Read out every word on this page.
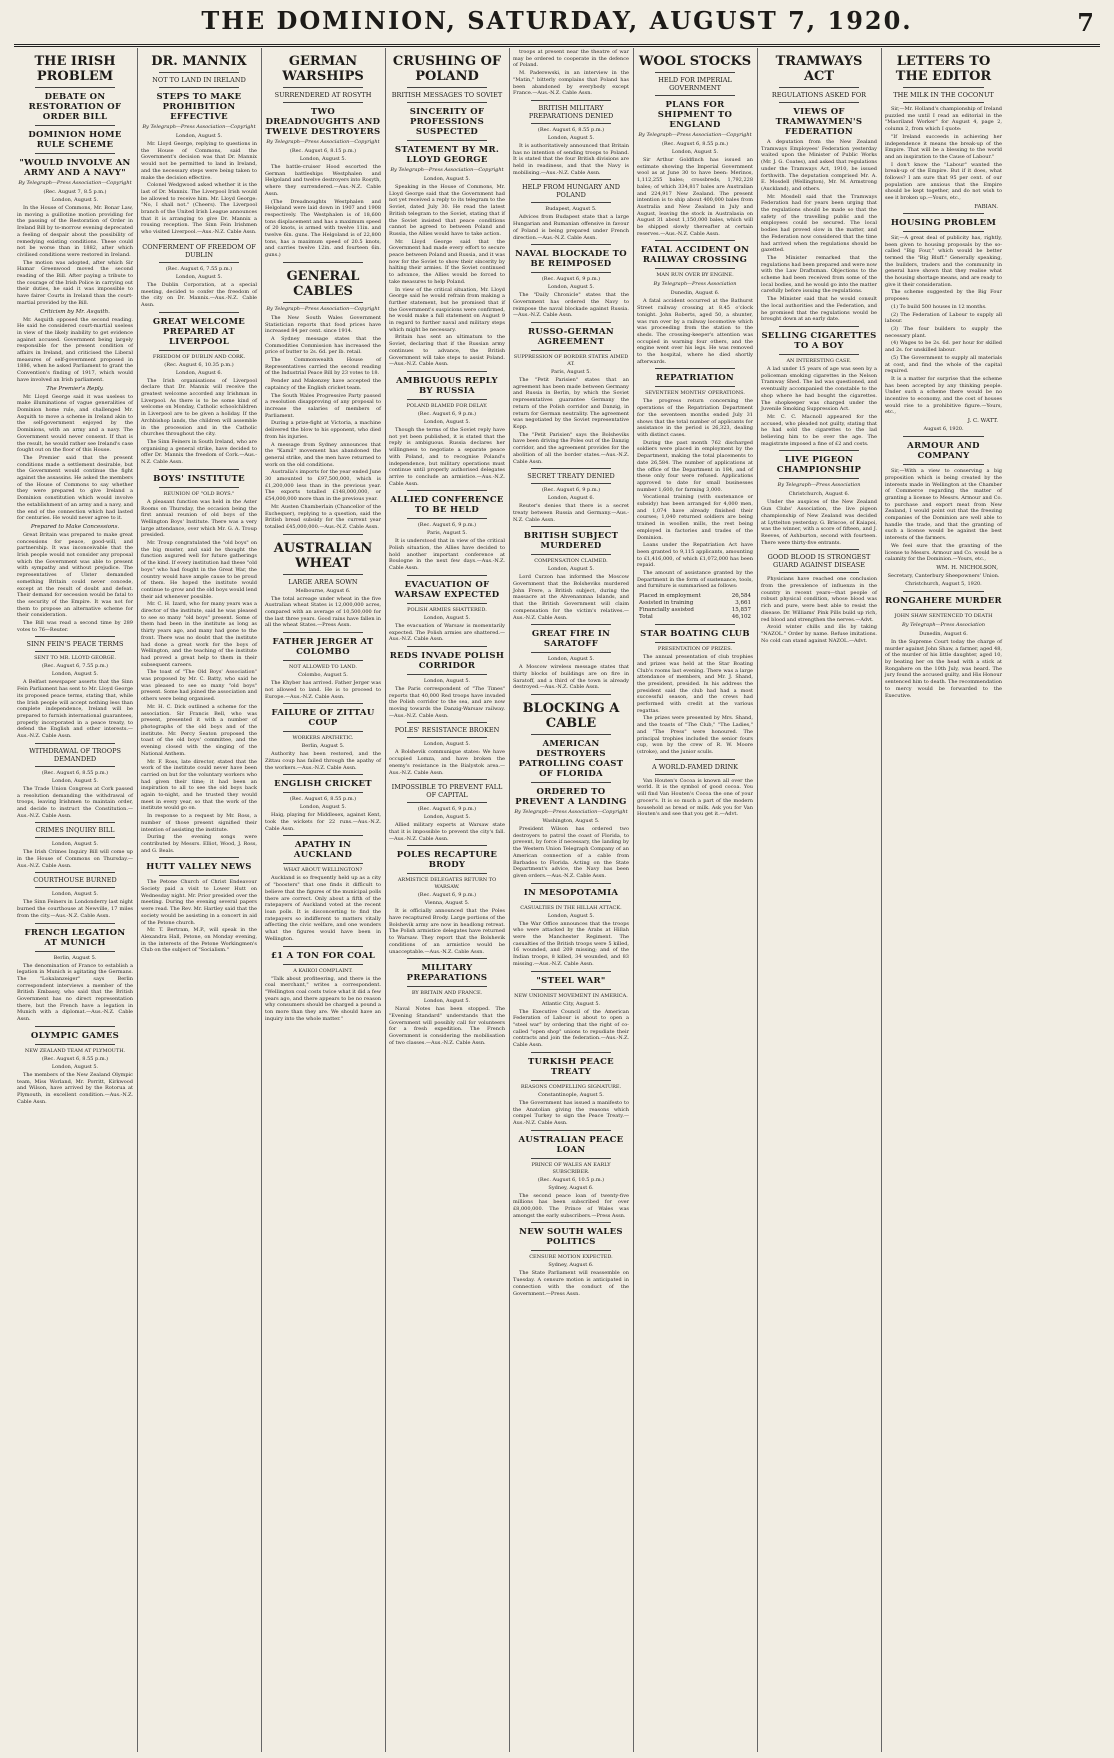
THE DOMINION, SATURDAY, AUGUST 7, 1920.	7
THE IRISH PROBLEM
DEBATE ON RESTORATION OF ORDER BILL
DOMINION HOME RULE SCHEME
"WOULD INVOLVE AN ARMY AND A NAVY"
By Telegraph—Press Association—Copyright
(Rec. August 7, 8.5 p.m.)
London, August 5.
In the House of Commons, Mr. Bonar Law, in moving a guillotine motion providing for the passing of the Restoration of Order in Ireland Bill by to-morrow evening deprecated a feeling of despair about the possibility of remedying existing conditions. These could not be worse than in 1882, after which civilised conditions were restored in Ireland.
The motion was adopted, after which Sir Hamar Greenwood moved the second reading of the Bill. After paying a tribute to the courage of the Irish Police in carrying out their duties, he said it was impossible to have fairer Courts in Ireland than the court-martial provided by the Bill.
Criticism by Mr. Asquith.
Mr. Asquith opposed the second reading. He said he considered court-martial useless in view of the likely inability to get evidence against accused. Government being largely responsible for the present condition of affairs in Ireland, and criticised the Liberal measures of self-government proposed in 1886, when he asked Parliament to grant the Convention's finding of 1917, which would have involved an Irish parliament.
The Premier's Reply.
Mr. Lloyd George said it was useless to make illuminations of vague generalities of Dominion home rule, and challenged Mr. Asquith to move a scheme in Ireland akin to the self-government enjoyed by the Dominions, with an army and a navy. The Government would never consent. If that is the result, he would rather see Ireland's case fought out on the floor of this House.
The Premier said that the present conditions made a settlement desirable, but the Government would continue the fight against the assassins. He asked the members of the House of Commons to say whether they were prepared to give Ireland a Dominion constitution which would involve the establishment of an army and a navy, and the end of the connection which had lasted for centuries. He would never agree to it.
Prepared to Make Concessions.
Great Britain was prepared to make great concessions for peace, good-will, and partnership. It was inconceivable that the Irish people would not consider any proposal which the Government was able to present with sympathy and without prejudice. The representatives of Ulster demanded something Britain could never concede, except at the result of doubt and defeat. Their demand for secession would be fatal to the security of the Empire. It was not for them to propose an alternative scheme for their consideration.
The Bill was read a second time by 289 votes to 76—Reuter.
SINN FEIN'S PEACE TERMS
SENT TO MR. LLOYD GEORGE.
(Rec. August 6, 7.55 p.m.)
London, August 5.
A Belfast newspaper asserts that the Sinn Fein Parliament has sent to Mr. Lloyd George its proposed peace terms, stating that, while the Irish people will accept nothing less than complete independence, Ireland will be prepared to furnish international guarantees, properly incorporated in a peace treaty, to defend the English and other interests.—Aus.-N.Z. Cable Assn.
WITHDRAWAL OF TROOPS DEMANDED
(Rec. August 6, 8.55 p.m.)
London, August 5.
The Trade Union Congress at Cork passed a resolution demanding the withdrawal of troops, leaving Irishmen to maintain order, and decide to instruct the Constitution.—Aus.-N.Z. Cable Assn.
CRIMES INQUIRY BILL
London, August 5.
The Irish Crimes Inquiry Bill will come up in the House of Commons on Thursday.—Aus.-N.Z. Cable Assn.
COURTHOUSE BURNED
London, August 5.
The Sinn Feiners in Londonderry last night burned the courthouse at Newville, 17 miles from the city.—Aus.-N.Z. Cable Assn.
FRENCH LEGATION AT MUNICH
Berlin, August 5.
The denomination of France to establish a legation in Munich is agitating the Germans. The "Lokalanzeiger" says Berlin correspondent interviews a member of the British Embassy, who said that the British Government has no direct representation there, but the French have a legation in Munich with a diplomat.—Aus.-N.Z. Cable Assn.
OLYMPIC GAMES
NEW ZEALAND TEAM AT PLYMOUTH.
(Rec. August 6, 8.55 p.m.)
London, August 5.
The members of the New Zealand Olympic team, Miss Worland, Mr. Porritt, Kirkwood and Wilson, have arrived by the Rotorua at Plymouth, in excellent condition.—Aus.-N.Z. Cable Assn.
DR. MANNIX
NOT TO LAND IN IRELAND
STEPS TO MAKE PROHIBITION EFFECTIVE
By Telegraph—Press Association—Copyright
London, August 5.
Mr. Lloyd George, replying to questions in the House of Commons, said the Government's decision was that Dr. Mannix would not be permitted to land in Ireland, and the necessary steps were being taken to make the decision effective.
Colonel Wedgwood asked whether it is the last of Dr. Mannix. The Liverpool Irish would be allowed to receive him. Mr. Lloyd George: "No, I shall not." (Cheers). The Liverpool branch of the United Irish League announces that it is arranging to give Dr. Mannix a rousing reception. The Sinn Fein Irishmen who visited Liverpool.—Aus.-N.Z. Cable Assn.
CONFERMENT OF FREEDOM OF DUBLIN
(Rec. August 6, 7.55 p.m.)
London, August 5.
The Dublin Corporation, at a special meeting, decided to confer the freedom of the city on Dr. Mannix.—Aus.-N.Z. Cable Assn.
GREAT WELCOME PREPARED AT LIVERPOOL
FREEDOM OF DUBLIN AND CORK.
(Rec. August 6, 10.35 p.m.)
London, August 6.
The Irish organisations of Liverpool declare that Dr. Mannix will receive the greatest welcome accorded any Irishman in Liverpool. As there is to be some kind of welcome on Monday, Catholic schoolchildren in Liverpool are to be given a holiday. If the Archbishop lands, the children will assemble in the procession and in the Catholic churches throughout the city.
The Sinn Feiners in South Ireland, who are organising a general strike, have decided to offer Dr. Mannix the freedom of Cork.—Aus.-N.Z. Cable Assn.
BOYS' INSTITUTE
REUNION OF "OLD BOYS."
A pleasant function was held in the Aster Rooms on Thursday, the occasion being the first annual reunion of old boys of the Wellington Boys' Institute. There was a very large attendance, over which Mr. G. A. Troup presided.
Mr. Troup congratulated the "old boys" on the big muster, and said he thought the function augured well for future gatherings of the kind. If every institution had these "old boys" who had fought in the Great War, the country would have ample cause to be proud of them. He hoped the institute would continue to grow and the old boys would lend their aid whenever possible.
Mr. C. H. Izard, who for many years was a director of the institute, said he was pleased to see so many "old boys" present. Some of them had been in the institute as long as thirty years ago, and many had gone to the front. There was no doubt that the institute had done a great work for the boys of Wellington, and the teaching of the institute had proved a great help to them in their subsequent careers.
The toast of "The Old Boys' Association" was proposed by Mr. C. Batty, who said he was pleased to see so many "old boys" present. Some had joined the association and others were being organised.
Mr. H. C. Dick outlined a scheme for the association. Sir Francis Bell, who was present, presented it with a number of photographs of the old boys and of the institute. Mr. Percy Seaton proposed the toast of the old boys' committee, and the evening closed with the singing of the National Anthem.
Mr. F. Ross, late director, stated that the work of the institute could never have been carried on but for the voluntary workers who had given their time; it had been an inspiration to all to see the old boys back again to-night, and he trusted they would meet in every year, so that the work of the institute would go on.
In response to a request by Mr. Ross, a number of those present signified their intention of assisting the institute.
During the evening songs were contributed by Messrs. Elliot, Wood, J. Ross, and G. Beals.
HUTT VALLEY NEWS
The Petone Church of Christ Endeavour Society paid a visit to Lower Hutt on Wednesday night. Mr. Prior presided over the meeting. During the evening several papers were read. The Rev. Mr. Hartley said that the society would be assisting in a concert in aid of the Petone church.
Mr. T. Bertram, M.P., will speak in the Alexandra Hall, Petone, on Monday evening, in the interests of the Petone Workingmen's Club on the subject of "Socialism."
GERMAN WARSHIPS
SURRENDERED AT ROSYTH
TWO DREADNOUGHTS AND TWELVE DESTROYERS
By Telegraph—Press Association—Copyright
(Rec. August 6, 8.15 p.m.)
London, August 5.
The battle-cruiser Hood escorted the German battleships Westphalen and Helgoland and twelve destroyers into Rosyth, where they surrendered.—Aus.-N.Z. Cable Assn.
(The Dreadnoughts Westphalen and Helgoland were laid down in 1907 and 1908 respectively. The Westphalen is of 18,600 tons displacement and has a maximum speed of 20 knots, is armed with twelve 11in. and twelve 6in. guns. The Helgoland is of 22,800 tons, has a maximum speed of 20.5 knots, and carries twelve 12in. and fourteen 6in. guns.)
GENERAL CABLES
By Telegraph—Press Association—Copyright
The New South Wales Government Statistician reports that food prices have increased 84 per cent. since 1914.
A Sydney message states that the Commodities Commission has increased the price of butter to 2s. 6d. per lb. retail.
The Commonwealth House of Representatives carried the second reading of the Industrial Peace Bill by 23 votes to 18.
Pender and Makenzey have accepted the captaincy of the English cricket team.
The South Wales Progressive Party passed a resolution disapproving of any proposal to increase the salaries of members of Parliament.
During a prize-fight at Victoria, a machine delivered the blow to his opponent, who died from his injuries.
A message from Sydney announces that the "Kamil" movement has abandoned the general strike, and the men have returned to work on the old conditions.
Australia's imports for the year ended June 30 amounted to £97,500,000, which is £1,200,000 less than in the previous year. The exports totalled £148,000,000, or £54,000,000 more than in the previous year.
Mr. Austen Chamberlain (Chancellor of the Exchequer), replying to a question, said the British bread subsidy for the current year totalled £45,000,000.—Aus.-N.Z. Cable Assn.
AUSTRALIAN WHEAT
LARGE AREA SOWN
Melbourne, August 6.
The total acreage under wheat in the five Australian wheat States is 12,000,000 acres, compared with an average of 10,500,000 for the last three years. Good rains have fallen in all the wheat States.—Press Assn.
FATHER JERGER AT COLOMBO
NOT ALLOWED TO LAND.
Colombo, August 5.
The Khyber has arrived. Father Jerger was not allowed to land. He is to proceed to Europe.—Aus.-N.Z. Cable Assn.
FAILURE OF ZITTAU COUP
WORKERS APATHETIC.
Berlin, August 5.
Authority has been restored, and the Zittau coup has failed through the apathy of the workers.—Aus.-N.Z. Cable Assn.
ENGLISH CRICKET
(Rec. August 6, 8.55 p.m.)
London, August 5.
Haig, playing for Middlesex, against Kent, took the wickets for 22 runs.—Aus.-N.Z. Cable Assn.
APATHY IN AUCKLAND
WHAT ABOUT WELLINGTON?
Auckland is so frequently held up as a city of "boosters" that one finds it difficult to believe that the figures of the municipal polls there are correct. Only about a fifth of the ratepayers of Auckland voted at the recent loan polls. It is disconcerting to find the ratepayers so indifferent to matters vitally affecting the civic welfare, and one wonders what the figures would have been in Wellington.
£1 A TON FOR COAL
A KAIKOI COMPLAINT.
"Talk about profiteering, and there is the coal merchant," writes a correspondent. "Wellington coal costs twice what it did a few years ago, and there appears to be no reason why consumers should be charged a pound a ton more than they are. We should have an inquiry into the whole matter."
CRUSHING OF POLAND
BRITISH MESSAGES TO SOVIET
SINCERITY OF PROFESSIONS SUSPECTED
STATEMENT BY MR. LLOYD GEORGE
By Telegraph—Press Association—Copyright
London, August 5.
Speaking in the House of Commons, Mr. Lloyd George said that the Government had not yet received a reply to its telegram to the Soviet, dated July 30. He read the latest British telegram to the Soviet, stating that if the Soviet insisted that peace conditions cannot be agreed to between Poland and Russia, the Allies would have to take action.
Mr. Lloyd George said that the Government had made every effort to secure peace between Poland and Russia, and it was now for the Soviet to show their sincerity by halting their armies. If the Soviet continued to advance, the Allies would be forced to take measures to help Poland.
In view of the critical situation, Mr. Lloyd George said he would refrain from making a further statement, but he promised that if the Government's suspicions were confirmed, he would make a full statement on August 9 in regard to further naval and military steps which might be necessary.
Britain has sent an ultimatum to the Soviet, declaring that if the Russian army continues to advance, the British Government will take steps to assist Poland.—Aus.-N.Z. Cable Assn.
AMBIGUOUS REPLY BY RUSSIA
POLAND BLAMED FOR DELAY.
(Rec. August 6, 9 p.m.)
London, August 5.
Though the terms of the Soviet reply have not yet been published, it is stated that the reply is ambiguous. Russia declares her willingness to negotiate a separate peace with Poland, and to recognise Poland's independence, but military operations must continue until properly authorised delegates arrive to conclude an armistice.—Aus.-N.Z. Cable Assn.
ALLIED CONFERENCE TO BE HELD
(Rec. August 6, 9 p.m.)
Paris, August 5.
It is understood that in view of the critical Polish situation, the Allies have decided to hold another important conference at Boulogne in the next few days.—Aus.-N.Z. Cable Assn.
EVACUATION OF WARSAW EXPECTED
POLISH ARMIES SHATTERED.
London, August 5.
The evacuation of Warsaw is momentarily expected. The Polish armies are shattered.—Aus.-N.Z. Cable Assn.
REDS INVADE POLISH CORRIDOR
London, August 5.
The Paris correspondent of "The Times" reports that 40,000 Red troops have invaded the Polish corridor to the sea, and are now moving towards the Danzig-Warsaw railway.—Aus.-N.Z. Cable Assn.
POLES' RESISTANCE BROKEN
London, August 5.
A Bolshevik communique states: We have occupied Lomza, and have broken the enemy's resistance in the Bialystok area.—Aus.-N.Z. Cable Assn.
IMPOSSIBLE TO PREVENT FALL OF CAPITAL
(Rec. August 6, 9 p.m.)
London, August 5.
Allied military experts at Warsaw state that it is impossible to prevent the city's fall.—Aus.-N.Z. Cable Assn.
POLES RECAPTURE BRODY
ARMISTICE DELEGATES RETURN TO WARSAW.
(Rec. August 6, 9 p.m.)
Vienna, August 5.
It is officially announced that the Poles have recaptured Brody. Large portions of the Bolshevik army are now in headlong retreat. The Polish armistice delegates have returned to Warsaw. They report that the Bolshevik conditions of an armistice would be unacceptable.—Aus.-N.Z. Cable Assn.
MILITARY PREPARATIONS
BY BRITAIN AND FRANCE.
London, August 5.
Naval Notes has been stopped. The "Evening Standard" understands that the Government will possibly call for volunteers for a fresh expedition. The French Government is considering the mobilisation of two classes.—Aus.-N.Z. Cable Assn.
troops at present near the theatre of war may be ordered to cooperate in the defence of Poland.
M. Paderewski, in an interview in the "Matin," bitterly complains that Poland has been abandoned by everybody except France.—Aus.-N.Z. Cable Assn.
BRITISH MILITARY PREPARATIONS DENIED
(Rec. August 6, 8.55 p.m.)
London, August 5.
It is authoritatively announced that Britain has no intention of sending troops to Poland. It is stated that the four British divisions are held in readiness, and that the Navy is mobilising.—Aus.-N.Z. Cable Assn.
HELP FROM HUNGARY AND POLAND
Budapest, August 5.
Advices from Budapest state that a large Hungarian and Rumanian offensive in favour of Poland is being prepared under French direction.—Aus.-N.Z. Cable Assn.
NAVAL BLOCKADE TO BE REIMPOSED
(Rec. August 6, 9 p.m.)
London, August 5.
The "Daily Chronicle" states that the Government has ordered the Navy to reimpose the naval blockade against Russia.—Aus.-N.Z. Cable Assn.
RUSSO-GERMAN AGREEMENT
SUPPRESSION OF BORDER STATES AIMED AT.
Paris, August 5.
The "Petit Parisien" states that an agreement has been made between Germany and Russia in Berlin, by which the Soviet representatives guarantee Germany the return of the Polish corridor and Danzig, in return for German neutrality. The agreement was negotiated by the Soviet representative Kopp.
The "Petit Parisien" says the Bolsheviks have been driving the Poles out of the Danzig corridor, and the agreement provides for the abolition of all the border states.—Aus.-N.Z. Cable Assn.
SECRET TREATY DENIED
(Rec. August 6, 9 p.m.)
London, August 6.
Reuter's denies that there is a secret treaty between Russia and Germany.—Aus.-N.Z. Cable Assn.
BRITISH SUBJECT MURDERED
COMPENSATION CLAIMED.
London, August 5.
Lord Curzon has informed the Moscow Government that the Bolsheviks murdered John Frere, a British subject, during the massacre at the Ahvenanmaa Islands, and that the British Government will claim compensation for the victim's relatives.—Aus.-N.Z. Cable Assn.
GREAT FIRE IN SARATOFF
London, August 5.
A Moscow wireless message states that thirty blocks of buildings are on fire in Saratoff, and a third of the town is already destroyed.—Aus.-N.Z. Cable Assn.
BLOCKING A CABLE
AMERICAN DESTROYERS PATROLLING COAST OF FLORIDA
ORDERED TO PREVENT A LANDING
By Telegraph—Press Association—Copyright
Washington, August 5.
President Wilson has ordered two destroyers to patrol the coast of Florida, to prevent, by force if necessary, the landing by the Western Union Telegraph Company of an American connection of a cable from Barbados to Florida. Acting on the State Department's advice, the Navy has been given orders.—Aus.-N.Z. Cable Assn.
IN MESOPOTAMIA
CASUALTIES IN THE HILLAH ATTACK.
London, August 5.
The War Office announces that the troops who were attacked by the Arabs at Hillah were the Manchester Regiment. The casualties of the British troops were 5 killed, 16 wounded, and 209 missing; and of the Indian troops, 8 killed, 34 wounded, and 83 missing.—Aus.-N.Z. Cable Assn.
"STEEL WAR"
NEW UNIONIST MOVEMENT IN AMERICA.
Atlantic City, August 5.
The Executive Council of the American Federation of Labour is about to open a "steel war" by ordering that the right of co-called "open shop" unions to repudiate their contracts and join the federation.—Aus.-N.Z. Cable Assn.
TURKISH PEACE TREATY
REASONS COMPELLING SIGNATURE.
Constantinople, August 5.
The Government has issued a manifesto to the Anatolian giving the reasons which compel Turkey to sign the Peace Treaty.—Aus.-N.Z. Cable Assn.
AUSTRALIAN PEACE LOAN
PRINCE OF WALES AN EARLY SUBSCRIBER.
(Rec. August 6, 10.5 p.m.)
Sydney, August 6.
The second peace loan of twenty-five millions has been subscribed for over £8,000,000. The Prince of Wales was amongst the early subscribers.—Press Assn.
NEW SOUTH WALES POLITICS
CENSURE MOTION EXPECTED.
Sydney, August 6.
The State Parliament will reassemble on Tuesday. A censure motion is anticipated in connection with the conduct of the Government.—Press Assn.
WOOL STOCKS
HELD FOR IMPERIAL GOVERNMENT
PLANS FOR SHIPMENT TO ENGLAND
By Telegraph—Press Association—Copyright
(Rec. August 6, 8.55 p.m.)
London, August 5.
Sir Arthur Goldfinch has issued an estimate showing the Imperial Government wool as at June 30 to have been: Merinos, 1,112,255 bales; crossbreds, 1,792,228 bales; of which 334,817 bales are Australian and 224,917 New Zealand. The present intention is to ship about 400,000 bales from Australia and New Zealand in July and August, leaving the stock in Australasia on August 31 about 1,150,000 bales, which will be shipped slowly thereafter at certain reserves.—Aus.-N.Z. Cable Assn.
FATAL ACCIDENT ON RAILWAY CROSSING
MAN RUN OVER BY ENGINE.
By Telegraph—Press Association
Dunedin, August 6.
A fatal accident occurred at the Bathurst Street railway crossing at 8.45 o'clock tonight. John Roberts, aged 50, a shunter, was run over by a railway locomotive which was proceeding from the station to the sheds. The crossing-keeper's attention was occupied in warning four others, and the engine went over his legs. He was removed to the hospital, where he died shortly afterwards.
REPATRIATION
SEVENTEEN MONTHS' OPERATIONS.
The progress return concerning the operations of the Repatriation Department for the seventeen months ended July 31 shows that the total number of applicants for assistance in the period is 26,323, dealing with distinct cases.
During the past month 762 discharged soldiers were placed in employment by the Department, making the total placements to date 26,584. The number of applications at the office of the Department in 184, and of these only four were refused. Applications approved to date for small businesses number 1,600, for farming 3,000.
Vocational training (with sustenance or subsidy) has been arranged for 4,000 men, and 1,074 have already finished their courses; 1,040 returned soldiers are being trained in woollen mills, the rest being employed in factories and trades of the Dominion.
Loans under the Repatriation Act have been granted to 9,115 applicants, amounting to £1,416,000, of which £1,072,000 has been repaid.
The amount of assistance granted by the Department in the form of sustenance, tools, and furniture is summarised as follows:
Placed in employment	26,584
Assisted in training	3,661
Financially assisted	15,857
Total	46,102
STAR BOATING CLUB
PRESENTATION OF PRIZES.
The annual presentation of club trophies and prizes was held at the Star Boating Club's rooms last evening. There was a large attendance of members, and Mr. J. Shand, the president, presided. In his address the president said the club had had a most successful season, and the crews had performed with credit at the various regattas.
The prizes were presented by Mrs. Shand, and the toasts of "The Club," "The Ladies," and "The Press" were honoured. The principal trophies included the senior fours cup, won by the crew of R. W. Moore (stroke), and the junior sculls.
A WORLD-FAMED DRINK
Van Houten's Cocoa is known all over the world. It is the symbol of good cocoa. You will find Van Houten's Cocoa the one of your grocer's. It is so much a part of the modern household as bread or milk. Ask you for Van Houten's and see that you get it.—Advt.
TRAMWAYS ACT
REGULATIONS ASKED FOR
VIEWS OF TRAMWAYMEN'S FEDERATION
A deputation from the New Zealand Tramways Employees' Federation yesterday waited upon the Minister of Public Works (Mr. J. G. Coates), and asked that regulations under the Tramways Act, 1910, be issued forthwith. The deputation comprised Mr. A. E. Mosdell (Wellington), Mr. M. Armstrong (Auckland), and others.
Mr. Mosdell said that the Tramways Federation had for years been urging that the regulations should be made so that the safety of the travelling public and the employees could be secured. The local bodies had proved slow in the matter, and the Federation now considered that the time had arrived when the regulations should be gazetted.
The Minister remarked that the regulations had been prepared and were now with the Law Draftsman. Objections to the scheme had been received from some of the local bodies, and he would go into the matter carefully before issuing the regulations.
The Minister said that he would consult the local authorities and the Federation, and he promised that the regulations would be brought down at an early date.
SELLING CIGARETTES TO A BOY
AN INTERESTING CASE.
A lad under 15 years of age was seen by a policeman smoking cigarettes in the Nelson Tramway Shed. The lad was questioned, and eventually accompanied the constable to the shop where he had bought the cigarettes. The shopkeeper was charged under the Juvenile Smoking Suppression Act.
Mr. C. C. Macnoll appeared for the accused, who pleaded not guilty, stating that he had sold the cigarettes to the lad believing him to be over the age. The magistrate imposed a fine of £2 and costs.
LIVE PIGEON CHAMPIONSHIP
By Telegraph—Press Association
Christchurch, August 6.
Under the auspices of the New Zealand Gun Clubs' Association, the live pigeon championship of New Zealand was decided at Lyttelton yesterday. G. Briscoe, of Kaiapoi, was the winner, with a score of fifteen, and J. Reeves, of Ashburton, second with fourteen. There were thirty-five entrants.
GOOD BLOOD IS STRONGEST GUARD AGAINST DISEASE
Physicians have reached one conclusion from the prevalence of influenza in the country in recent years—that people of robust physical condition, whose blood was rich and pure, were best able to resist the disease. Dr. Williams' Pink Pills build up rich, red blood and strengthen the nerves.—Advt.
Avoid winter chills and ills by taking "NAZOL." Order by name. Refuse imitations. No cold can stand against NAZOL.—Advt.
LETTERS TO THE EDITOR
THE MILK IN THE COCONUT
Sir,—Mr. Holland's championship of Ireland puzzled me until I read an editorial in the "Maoriland Worker" for August 4, page 2, column 2, from which I quote:
"If Ireland succeeds in achieving her independence it means the break-up of the Empire. That will be a blessing to the world and an inspiration to the Cause of Labour."
I don't know the "Labour" wanted the break-up of the Empire. But if it does, what follows? I am sure that 95 per cent. of our population are anxious that the Empire should be kept together, and do not wish to see it broken up.—Yours, etc.,
FABIAN.
HOUSING PROBLEM
Sir,—A great deal of publicity has, rightly, been given to housing proposals by the so-called "Big Four," which would be better termed the "Big Bluff." Generally speaking, the builders, traders and the community in general have shown that they realise what the housing shortage means, and are ready to give it their consideration.
The scheme suggested by the Big Four proposes:
(1) To build 500 houses in 12 months.
(2) The Federation of Labour to supply all labour.
(3) The four builders to supply the necessary plant.
(4) Wages to be 2s. 6d. per hour for skilled and 2s. for unskilled labour.
(5) The Government to supply all materials at cost, and find the whole of the capital required.
It is a matter for surprise that the scheme has been accepted by any thinking people. Under such a scheme there would be no incentive to economy, and the cost of houses would rise to a prohibitive figure.—Yours, etc.,
J. C. WATT.
August 6, 1920.
ARMOUR AND COMPANY
Sir,—With a view to conserving a big proposition which is being created by the interests made in Wellington at the Chamber of Commerce regarding the matter of granting a license to Messrs. Armour and Co. to purchase and export meat from New Zealand, I would point out that the freezing companies of the Dominion are well able to handle the trade, and that the granting of such a license would be against the best interests of the farmers.
We feel sure that the granting of the license to Messrs. Armour and Co. would be a calamity for the Dominion.—Yours, etc.,
WM. H. NICHOLSON,
Secretary, Canterbury Sheepowners' Union.
Christchurch, August 5, 1920.
RONGAHERE MURDER
JOHN SHAW SENTENCED TO DEATH
By Telegraph—Press Association
Dunedin, August 6.
In the Supreme Court today the charge of murder against John Shaw, a farmer, aged 48, of the murder of his little daughter, aged 10, by beating her on the head with a stick at Rongahere on the 10th July, was heard. The jury found the accused guilty, and His Honour sentenced him to death. The recommendation to mercy would be forwarded to the Executive.
